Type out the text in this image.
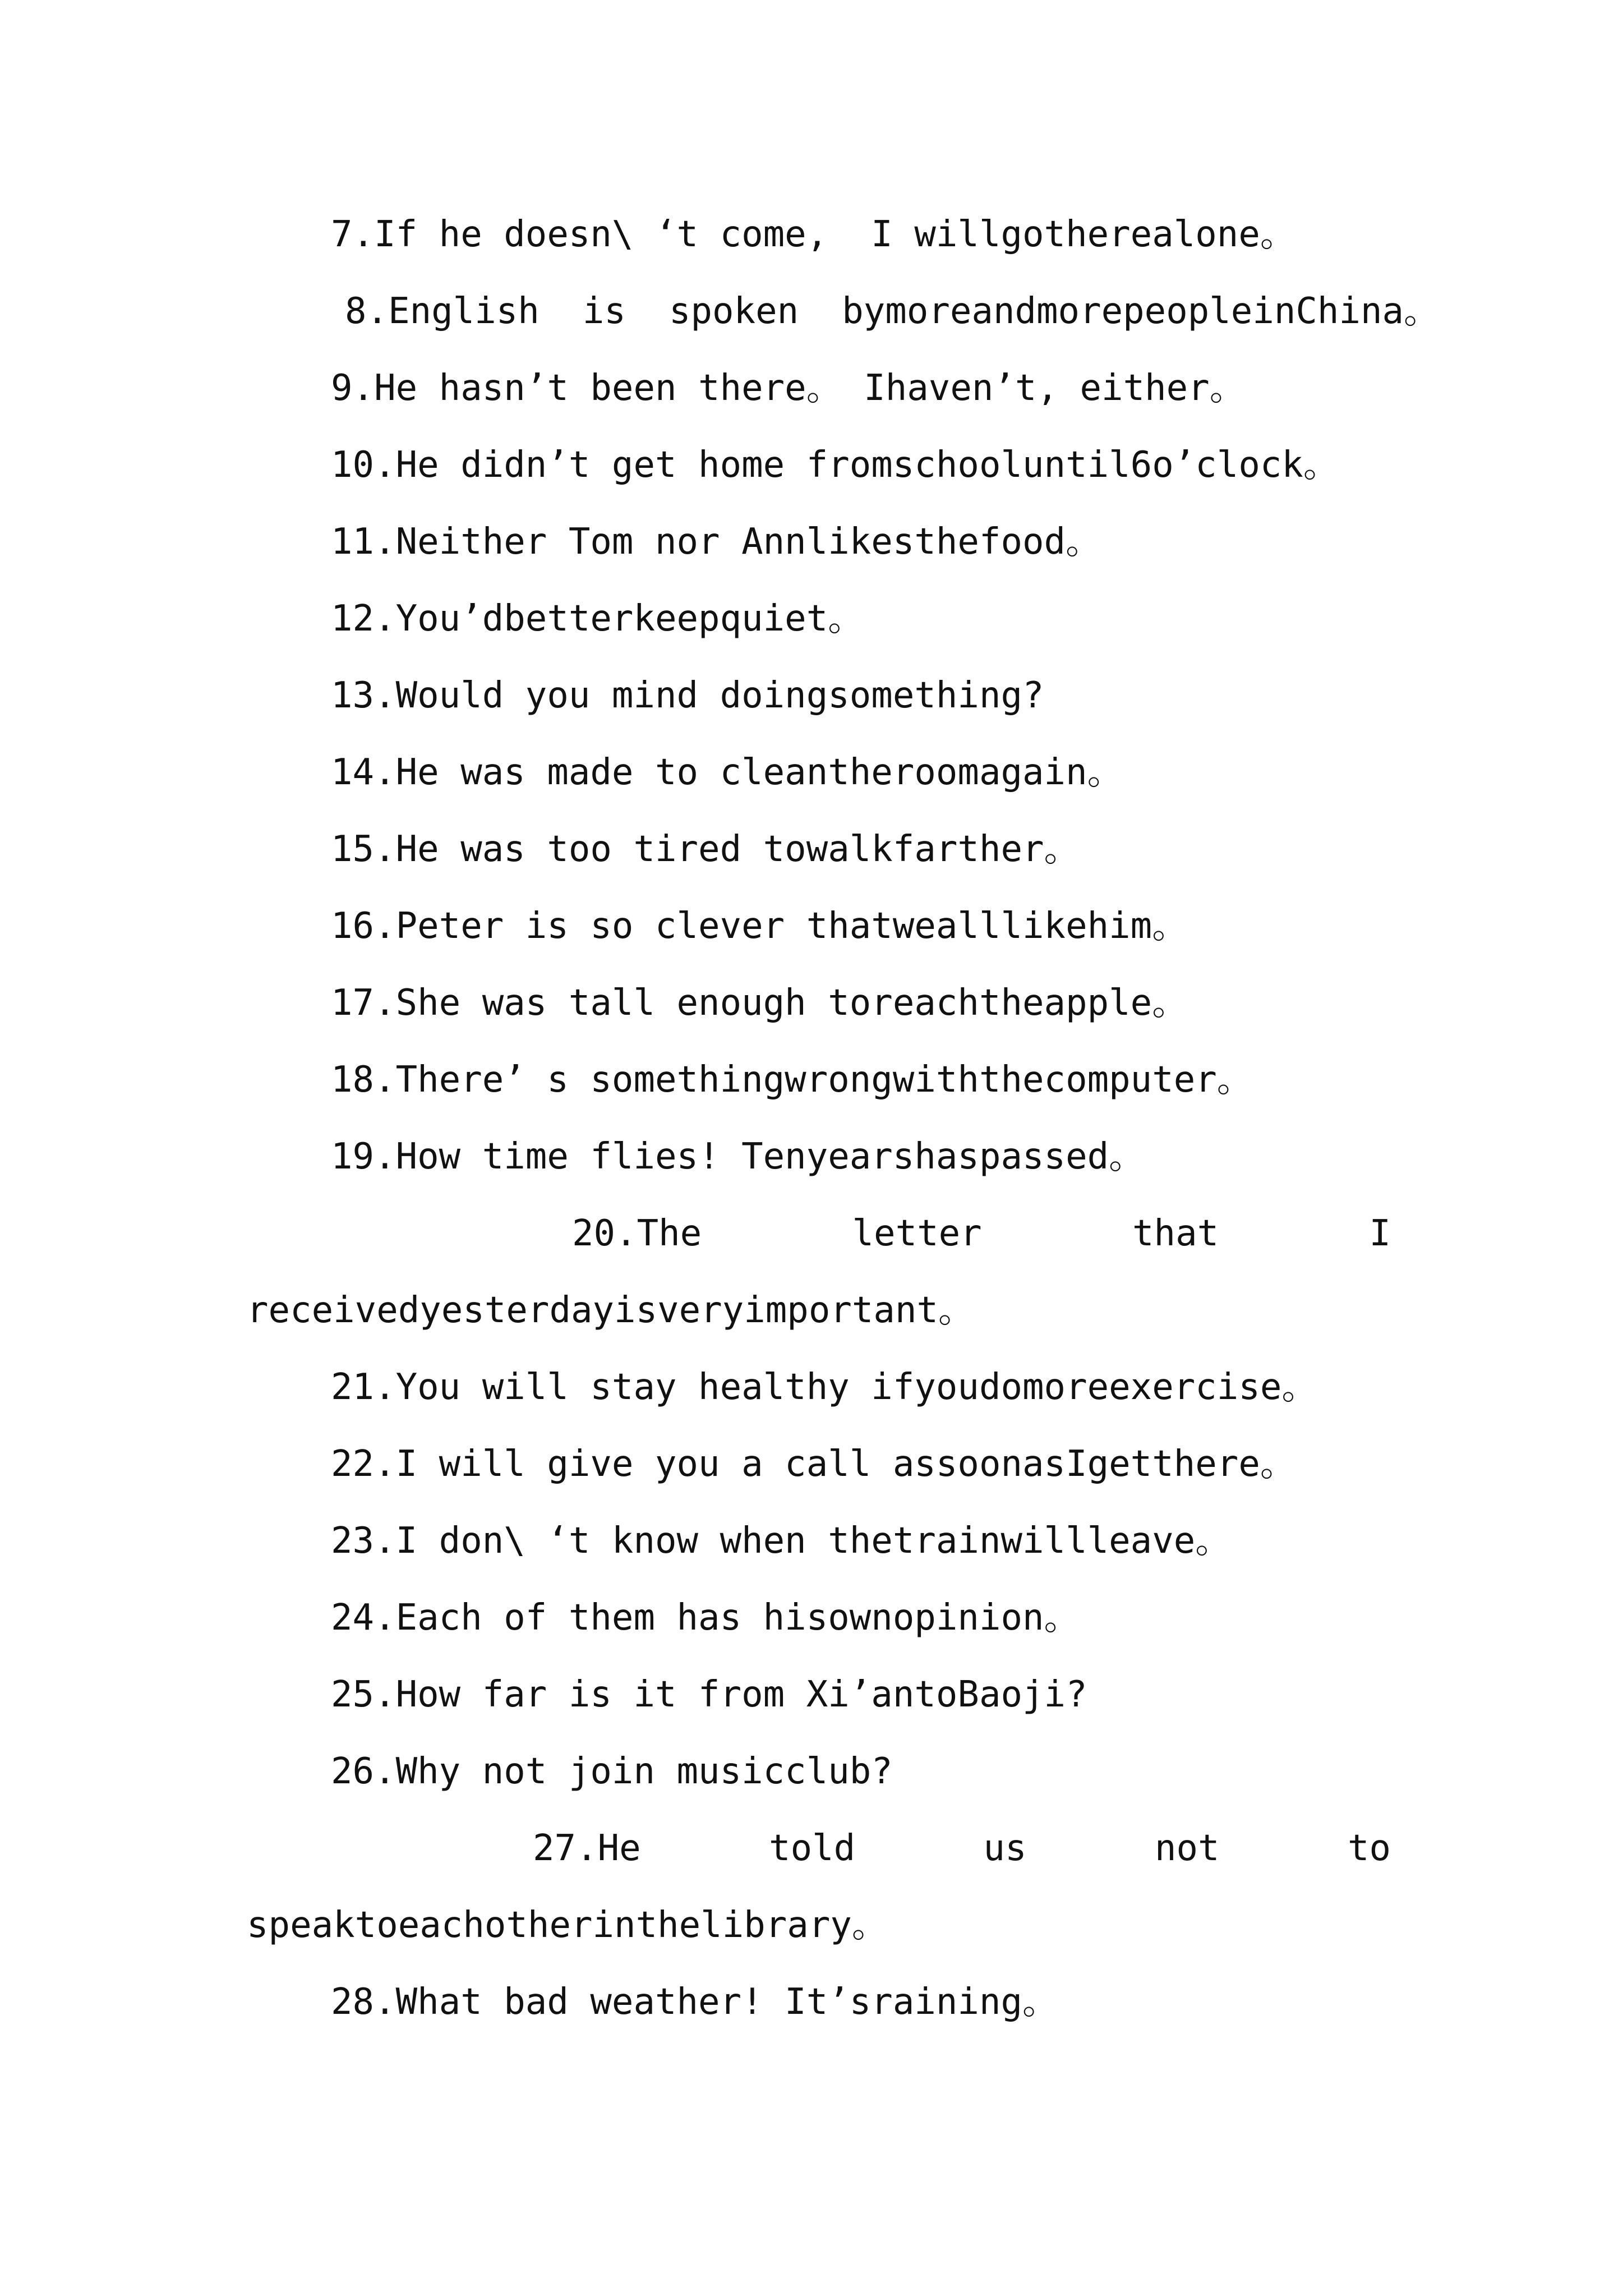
7.If he doesn\ ‘t come,  I willgotherealone。
8.English  is  spoken  bymoreandmorepeopleinChina。
9.He hasn’t been there。 Ihaven’t, either。
10.He didn’t get home fromschooluntil6o’clock。
11.Neither Tom nor Annlikesthefood。
12.You’dbetterkeepquiet。
13.Would you mind doingsomething?
14.He was made to cleantheroomagain。
15.He was too tired towalkfarther。
16.Peter is so clever thatwealllikehim。
17.She was tall enough toreachtheapple。
18.There’ s somethingwrongwiththecomputer。
19.How time flies! Tenyearshaspassed。
20.The	letter	that	I
receivedyesterdayisveryimportant。
21.You will stay healthy ifyoudomoreexercise。
22.I will give you a call assoonasIgetthere。
23.I don\ ‘t know when thetrainwillleave。
24.Each of them has hisownopinion。
25.How far is it from Xi’antoBaoji?
26.Why not join musicclub?
27.He	told	us	not	to
speaktoeachotherinthelibrary。
28.What bad weather! It’sraining。
